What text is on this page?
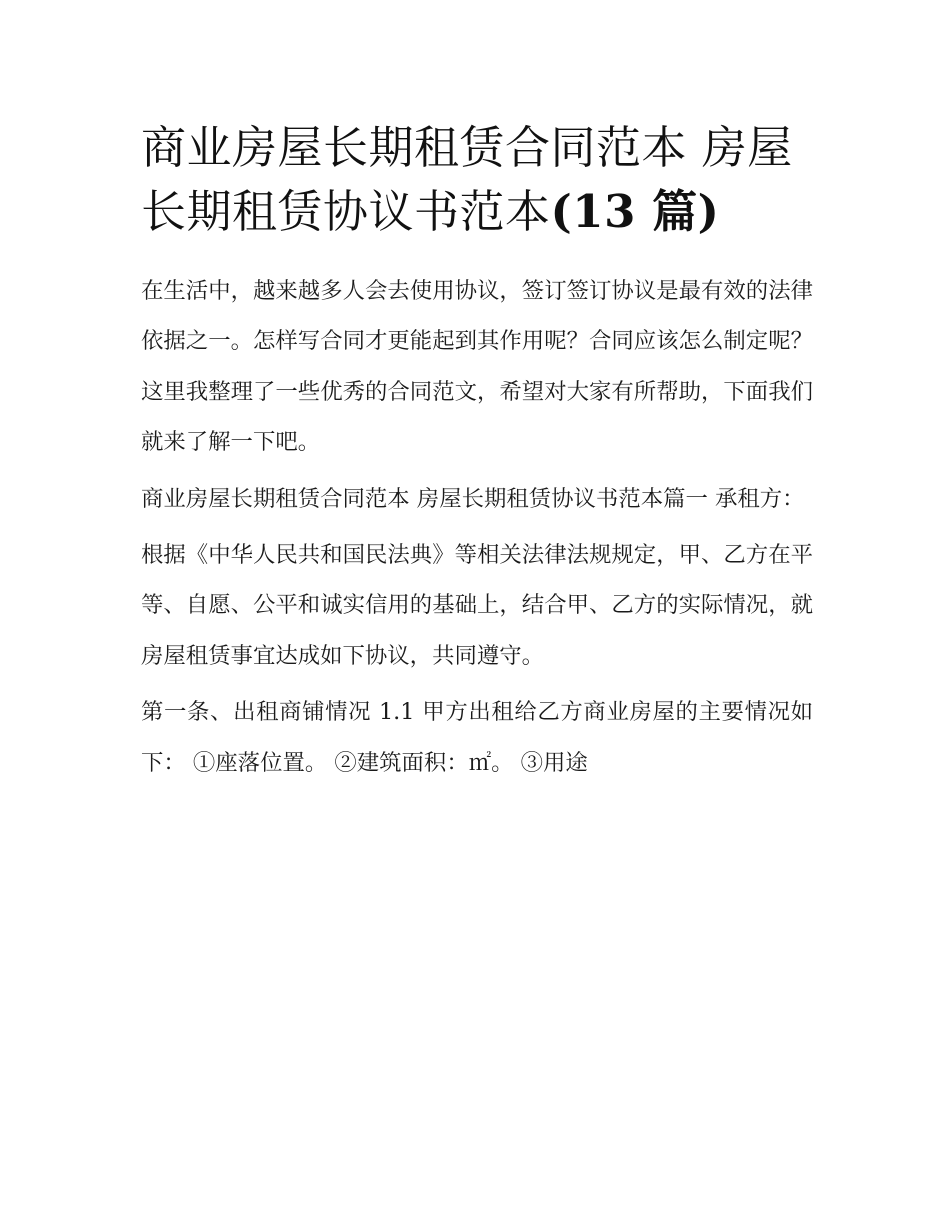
商业房屋长期租赁合同范本 房屋长期租赁协议书范本(13 篇)

在生活中，越来越多人会去使用协议，签订签订协议是最有效的法律依据之一。怎样写合同才更能起到其作用呢？合同应该怎么制定呢？这里我整理了一些优秀的合同范文，希望对大家有所帮助，下面我们就来了解一下吧。

商业房屋长期租赁合同范本 房屋长期租赁协议书范本篇一 承租方：

根据《中华人民共和国民法典》等相关法律法规规定，甲、乙方在平等、自愿、公平和诚实信用的基础上，结合甲、乙方的实际情况，就房屋租赁事宜达成如下协议，共同遵守。

第一条、出租商铺情况 1.1 甲方出租给乙方商业房屋的主要情况如下： ①座落位置。 ②建筑面积：㎡。 ③用途
